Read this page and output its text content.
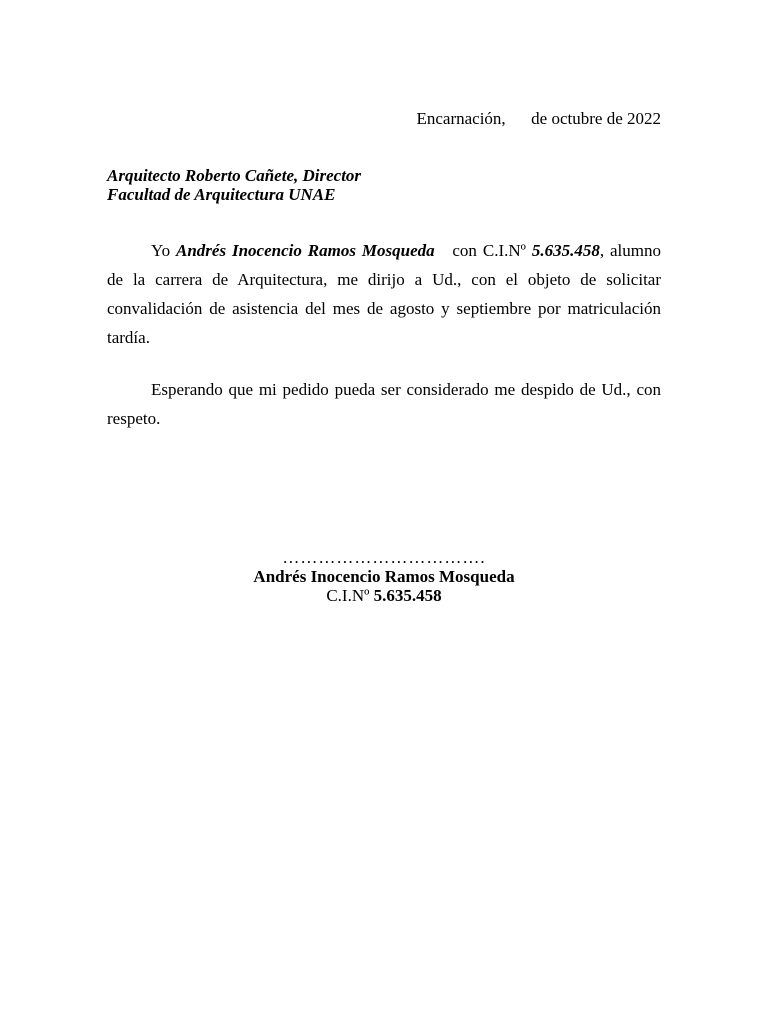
Encarnación, de octubre de 2022
Arquitecto Roberto Cañete, Director
Facultad de Arquitectura UNAE
Yo Andrés Inocencio Ramos Mosqueda con C.I.Nº 5.635.458, alumno de la carrera de Arquitectura, me dirijo a Ud., con el objeto de solicitar convalidación de asistencia del mes de agosto y septiembre por matriculación tardía.
Esperando que mi pedido pueda ser considerado me despido de Ud., con respeto.
…………………………….
Andrés Inocencio Ramos Mosqueda
C.I.Nº 5.635.458
